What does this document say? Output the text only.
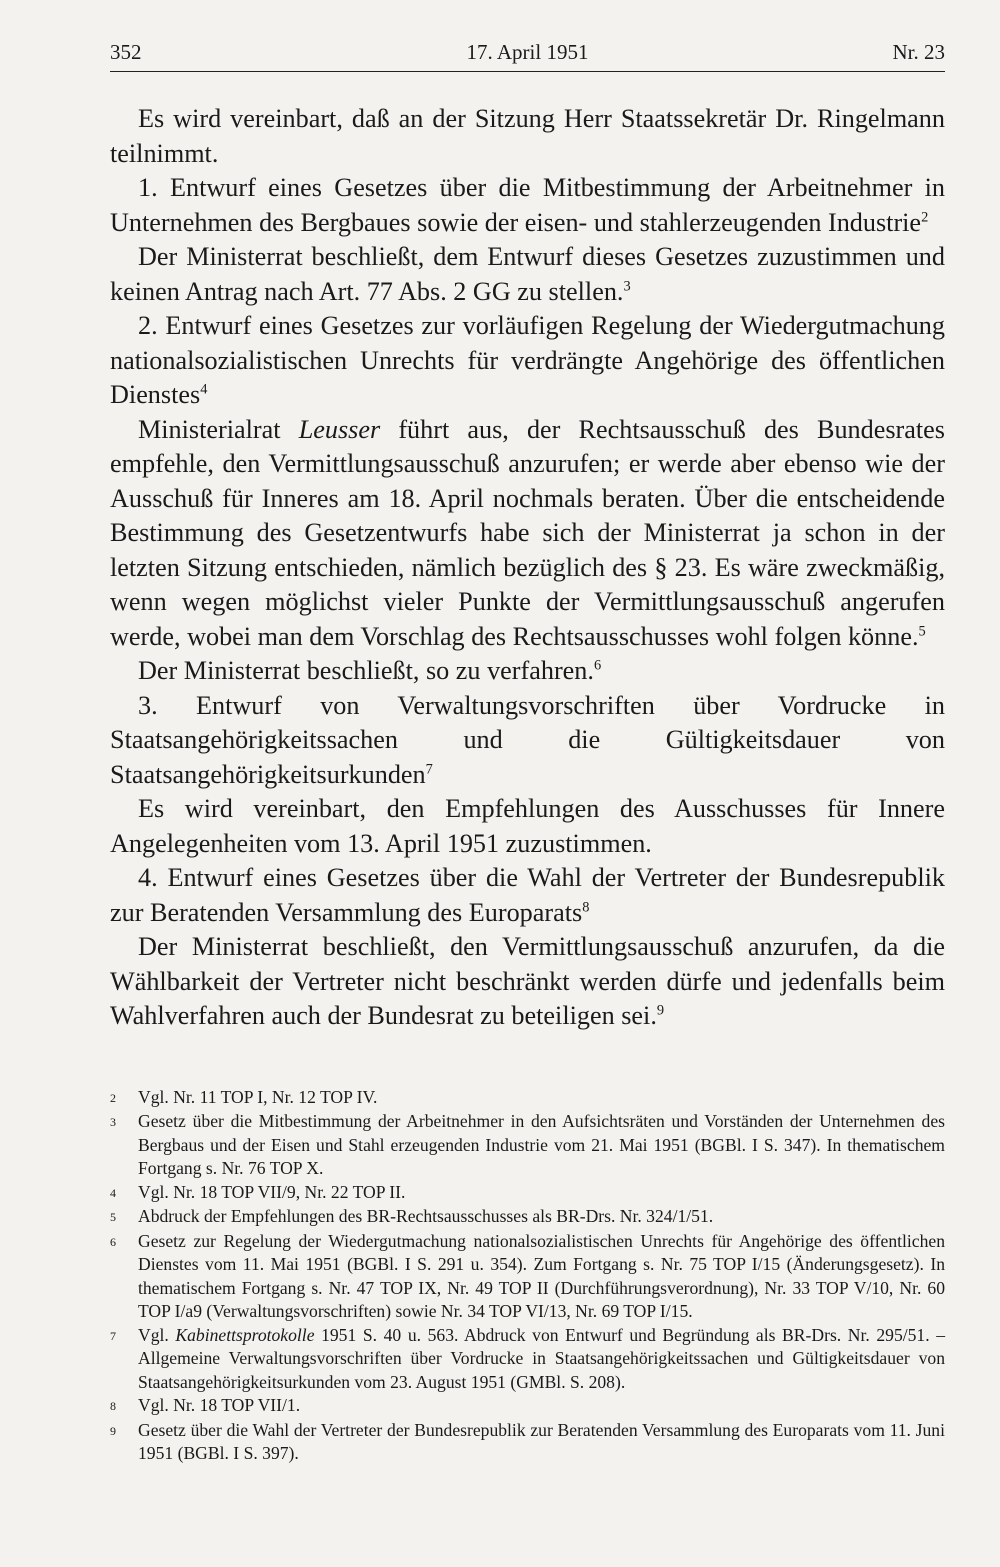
352	17. April 1951	Nr. 23

Es wird vereinbart, daß an der Sitzung Herr Staatssekretär Dr. Ringelmann teilnimmt.

1. Entwurf eines Gesetzes über die Mitbestimmung der Arbeitnehmer in Unternehmen des Bergbaues sowie der eisen- und stahlerzeugenden Industrie$^2$

Der Ministerrat beschließt, dem Entwurf dieses Gesetzes zuzustimmen und keinen Antrag nach Art. 77 Abs. 2 GG zu stellen.$^3$

2. Entwurf eines Gesetzes zur vorläufigen Regelung der Wiedergutmachung nationalsozialistischen Unrechts für verdrängte Angehörige des öffentlichen Dienstes$^4$

Ministerialrat Leusser führt aus, der Rechtsausschuß des Bundesrates empfehle, den Vermittlungsausschuß anzurufen; er werde aber ebenso wie der Ausschuß für Inneres am 18. April nochmals beraten. Über die entscheidende Bestimmung des Gesetzentwurfs habe sich der Ministerrat ja schon in der letzten Sitzung entschieden, nämlich bezüglich des § 23. Es wäre zweckmäßig, wenn wegen möglichst vieler Punkte der Vermittlungsausschuß angerufen werde, wobei man dem Vorschlag des Rechtsausschusses wohl folgen könne.$^5$

Der Ministerrat beschließt, so zu verfahren.$^6$

3. Entwurf von Verwaltungsvorschriften über Vordrucke in Staatsangehörigkeitssachen und die Gültigkeitsdauer von Staatsangehörigkeitsurkunden$^7$

Es wird vereinbart, den Empfehlungen des Ausschusses für Innere Angelegenheiten vom 13. April 1951 zuzustimmen.

4. Entwurf eines Gesetzes über die Wahl der Vertreter der Bundesrepublik zur Beratenden Versammlung des Europarats$^8$

Der Ministerrat beschließt, den Vermittlungsausschuß anzurufen, da die Wählbarkeit der Vertreter nicht beschränkt werden dürfe und jedenfalls beim Wahlverfahren auch der Bundesrat zu beteiligen sei.$^9$

2	Vgl. Nr. 11 TOP I, Nr. 12 TOP IV.
3	Gesetz über die Mitbestimmung der Arbeitnehmer in den Aufsichtsräten und Vorständen der Unternehmen des Bergbaus und der Eisen und Stahl erzeugenden Industrie vom 21. Mai 1951 (BGBl. I S. 347). In thematischem Fortgang s. Nr. 76 TOP X.
4	Vgl. Nr. 18 TOP VII/9, Nr. 22 TOP II.
5	Abdruck der Empfehlungen des BR-Rechtsausschusses als BR-Drs. Nr. 324/1/51.
6	Gesetz zur Regelung der Wiedergutmachung nationalsozialistischen Unrechts für Angehörige des öffentlichen Dienstes vom 11. Mai 1951 (BGBl. I S. 291 u. 354). Zum Fortgang s. Nr. 75 TOP I/15 (Änderungsgesetz). In thematischem Fortgang s. Nr. 47 TOP IX, Nr. 49 TOP II (Durchführungsverordnung), Nr. 33 TOP V/10, Nr. 60 TOP I/a9 (Verwaltungsvorschriften) sowie Nr. 34 TOP VI/13, Nr. 69 TOP I/15.
7	Vgl. Kabinettsprotokolle 1951 S. 40 u. 563. Abdruck von Entwurf und Begründung als BR-Drs. Nr. 295/51. – Allgemeine Verwaltungsvorschriften über Vordrucke in Staatsangehörigkeitssachen und Gültigkeitsdauer von Staatsangehörigkeitsurkunden vom 23. August 1951 (GMBl. S. 208).
8	Vgl. Nr. 18 TOP VII/1.
9	Gesetz über die Wahl der Vertreter der Bundesrepublik zur Beratenden Versammlung des Europarats vom 11. Juni 1951 (BGBl. I S. 397).
